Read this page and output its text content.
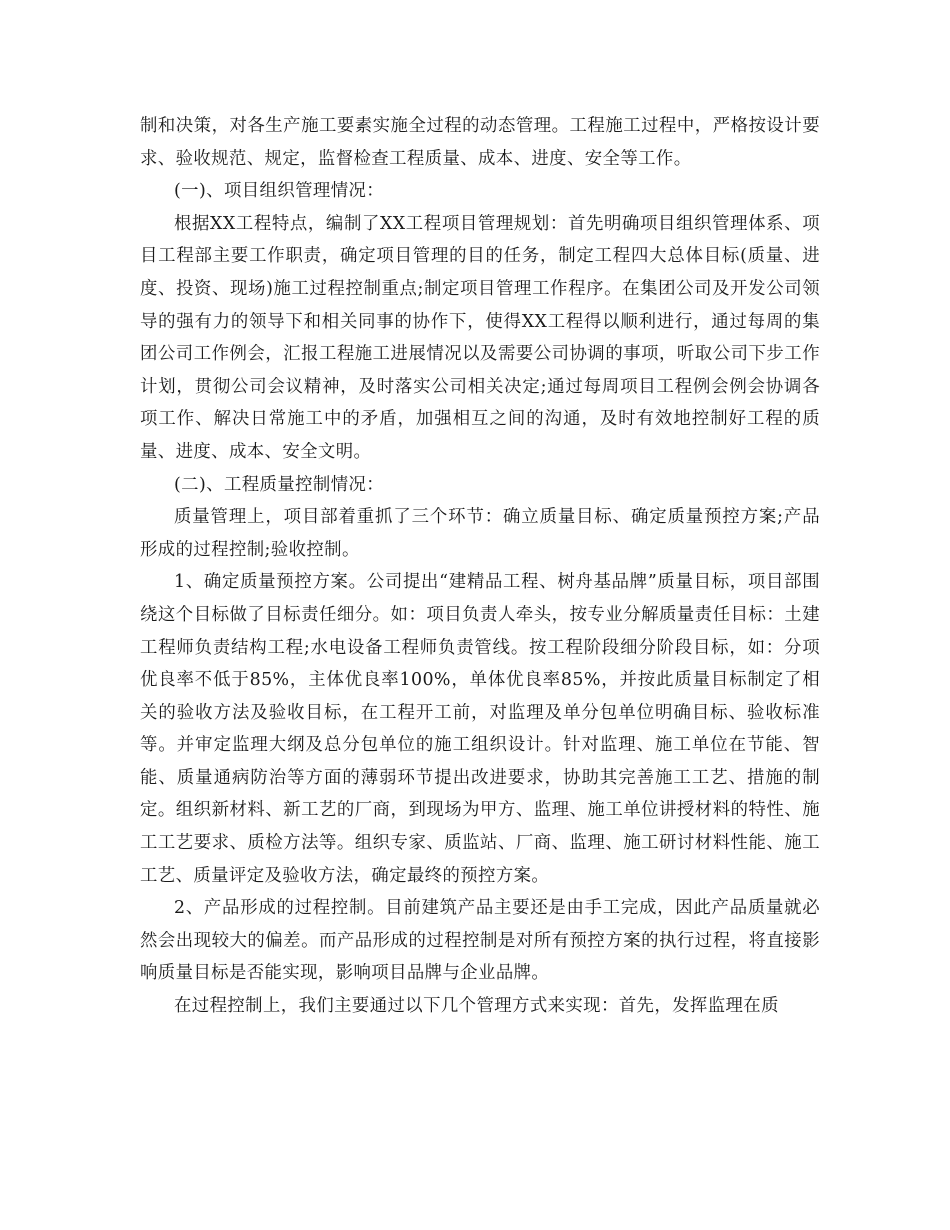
制和决策，对各生产施工要素实施全过程的动态管理。工程施工过程中，严格按设计要求、验收规范、规定，监督检查工程质量、成本、进度、安全等工作。

(一)、项目组织管理情况：

根据XX工程特点，编制了XX工程项目管理规划：首先明确项目组织管理体系、项目工程部主要工作职责，确定项目管理的目的任务，制定工程四大总体目标(质量、进度、投资、现场)施工过程控制重点;制定项目管理工作程序。在集团公司及开发公司领导的强有力的领导下和相关同事的协作下，使得XX工程得以顺利进行，通过每周的集团公司工作例会，汇报工程施工进展情况以及需要公司协调的事项，听取公司下步工作计划，贯彻公司会议精神，及时落实公司相关决定;通过每周项目工程例会例会协调各项工作、解决日常施工中的矛盾，加强相互之间的沟通，及时有效地控制好工程的质量、进度、成本、安全文明。

(二)、工程质量控制情况：

质量管理上，项目部着重抓了三个环节：确立质量目标、确定质量预控方案;产品形成的过程控制;验收控制。

1、确定质量预控方案。公司提出“建精品工程、树舟基品牌”质量目标，项目部围绕这个目标做了目标责任细分。如：项目负责人牵头，按专业分解质量责任目标：土建工程师负责结构工程;水电设备工程师负责管线。按工程阶段细分阶段目标，如：分项优良率不低于85%，主体优良率100%，单体优良率85%，并按此质量目标制定了相关的验收方法及验收目标，在工程开工前，对监理及单分包单位明确目标、验收标准等。并审定监理大纲及总分包单位的施工组织设计。针对监理、施工单位在节能、智能、质量通病防治等方面的薄弱环节提出改进要求，协助其完善施工工艺、措施的制定。组织新材料、新工艺的厂商，到现场为甲方、监理、施工单位讲授材料的特性、施工工艺要求、质检方法等。组织专家、质监站、厂商、监理、施工研讨材料性能、施工工艺、质量评定及验收方法，确定最终的预控方案。

2、产品形成的过程控制。目前建筑产品主要还是由手工完成，因此产品质量就必然会出现较大的偏差。而产品形成的过程控制是对所有预控方案的执行过程，将直接影响质量目标是否能实现，影响项目品牌与企业品牌。

在过程控制上，我们主要通过以下几个管理方式来实现：首先，发挥监理在质
